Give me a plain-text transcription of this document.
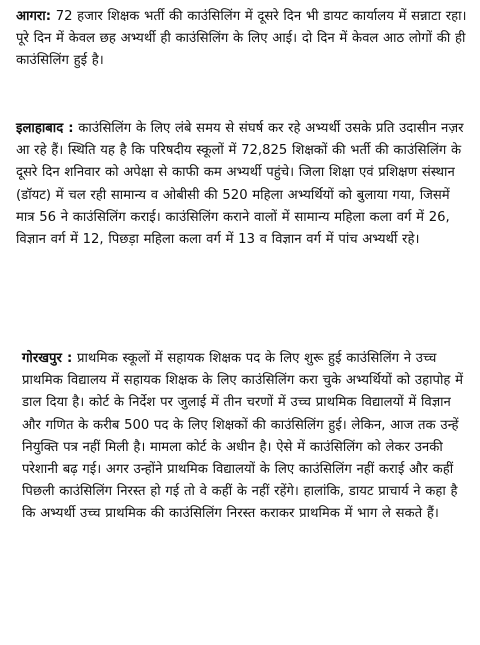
आगरा: 72 हजार शिक्षक भर्ती की काउंसिलिंग में दूसरे दिन भी डायट कार्यालय में सन्नाटा रहा। पूरे दिन में केवल छह अभ्यर्थी ही काउंसिलिंग के लिए आई। दो दिन में केवल आठ लोगों की ही काउंसिलिंग हुई है।

इलाहाबाद : काउंसिलिंग के लिए लंबे समय से संघर्ष कर रहे अभ्यर्थी उसके प्रति उदासीन नज़र आ रहे हैं। स्थिति यह है कि परिषदीय स्कूलों में 72,825 शिक्षकों की भर्ती की काउंसिलिंग के दूसरे दिन शनिवार को अपेक्षा से काफी कम अभ्यर्थी पहुंचे। जिला शिक्षा एवं प्रशिक्षण संस्थान (डॉयट) में चल रही सामान्य व ओबीसी की 520 महिला अभ्यर्थियों को बुलाया गया, जिसमें मात्र 56 ने काउंसिलिंग कराई। काउंसिलिंग कराने वालों में सामान्य महिला कला वर्ग में 26, विज्ञान वर्ग में 12, पिछड़ा महिला कला वर्ग में 13 व विज्ञान वर्ग में पांच अभ्यर्थी रहे।

गोरखपुर : प्राथमिक स्कूलों में सहायक शिक्षक पद के लिए शुरू हुई काउंसिलिंग ने उच्च प्राथमिक विद्यालय में सहायक शिक्षक के लिए काउंसिलिंग करा चुके अभ्यर्थियों को उहापोह में डाल दिया है। कोर्ट के निर्देश पर जुलाई में तीन चरणों में उच्च प्राथमिक विद्यालयों में विज्ञान और गणित के करीब 500 पद के लिए शिक्षकों की काउंसिलिंग हुई। लेकिन, आज तक उन्हें नियुक्ति पत्र नहीं मिली है। मामला कोर्ट के अधीन है। ऐसे में काउंसिलिंग को लेकर उनकी परेशानी बढ़ गई। अगर उन्होंने प्राथमिक विद्यालयों के लिए काउंसिलिंग नहीं कराई और कहीं पिछली काउंसिलिंग निरस्त हो गई तो वे कहीं के नहीं रहेंगे। हालांकि, डायट प्राचार्य ने कहा है कि अभ्यर्थी उच्च प्राथमिक की काउंसिलिंग निरस्त कराकर प्राथमिक में भाग ले सकते हैं।
